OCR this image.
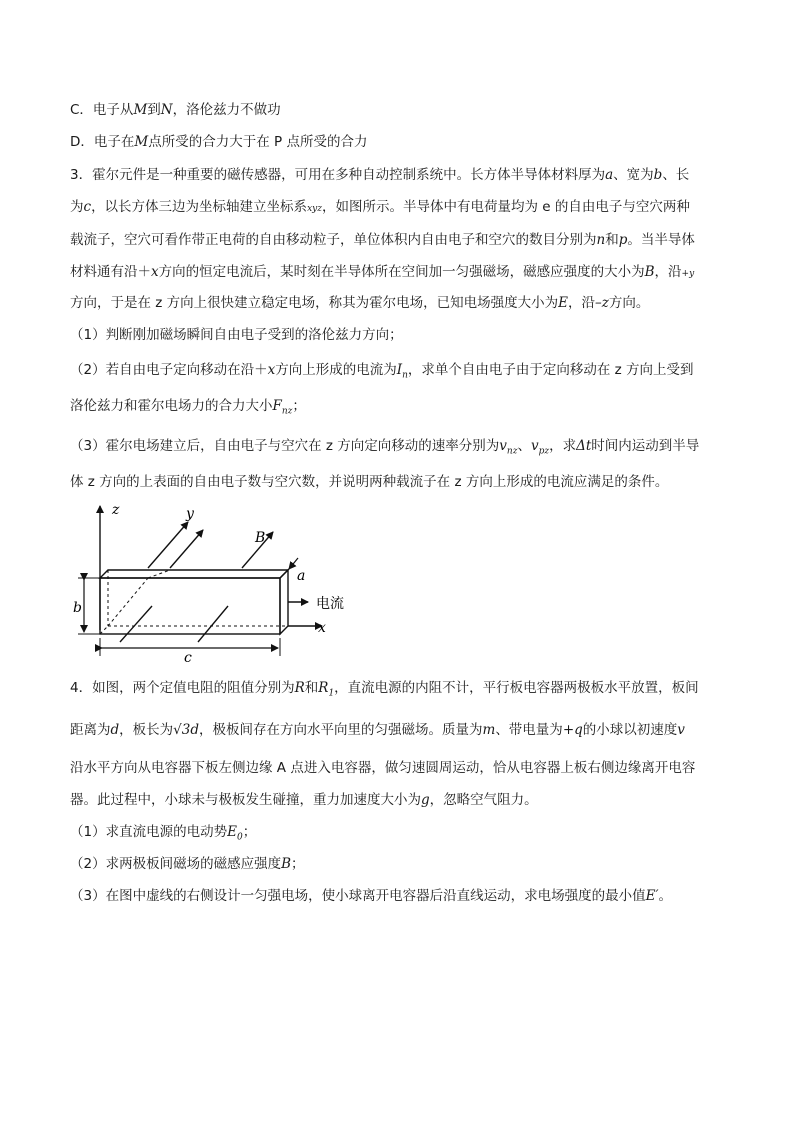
C．电子从M到N，洛伦兹力不做功
D．电子在M点所受的合力大于在 P 点所受的合力
3．霍尔元件是一种重要的磁传感器，可用在多种自动控制系统中。长方体半导体材料厚为a、宽为b、长
为c，以长方体三边为坐标轴建立坐标系xyz，如图所示。半导体中有电荷量均为 e 的自由电子与空穴两种
载流子，空穴可看作带正电荷的自由移动粒子，单位体积内自由电子和空穴的数目分别为n和p。当半导体
材料通有沿＋x方向的恒定电流后，某时刻在半导体所在空间加一匀强磁场，磁感应强度的大小为B，沿+y
方向，于是在 z 方向上很快建立稳定电场，称其为霍尔电场，已知电场强度大小为E，沿–z方向。
（1）判断刚加磁场瞬间自由电子受到的洛伦兹力方向；
（2）若自由电子定向移动在沿＋x方向上形成的电流为$I_n$，求单个自由电子由于定向移动在 z 方向上受到
洛伦兹力和霍尔电场力的合力大小$F_{nz}$；
（3）霍尔电场建立后，自由电子与空穴在 z 方向定向移动的速率分别为$v_{nz}$、$v_{pz}$，求Δt时间内运动到半导
体 z 方向的上表面的自由电子数与空穴数，并说明两种载流子在 z 方向上形成的电流应满足的条件。
z	y
B
a
x
电流
b
c
4．如图，两个定值电阻的阻值分别为R和$R_1$，直流电源的内阻不计，平行板电容器两极板水平放置，板间
距离为d，板长为√3d，极板间存在方向水平向里的匀强磁场。质量为m、带电量为+q的小球以初速度v
沿水平方向从电容器下板左侧边缘 A 点进入电容器，做匀速圆周运动，恰从电容器上板右侧边缘离开电容
器。此过程中，小球未与极板发生碰撞，重力加速度大小为g，忽略空气阻力。
（1）求直流电源的电动势$E_0$；
（2）求两极板间磁场的磁感应强度B；
（3）在图中虚线的右侧设计一匀强电场，使小球离开电容器后沿直线运动，求电场强度的最小值E′。
